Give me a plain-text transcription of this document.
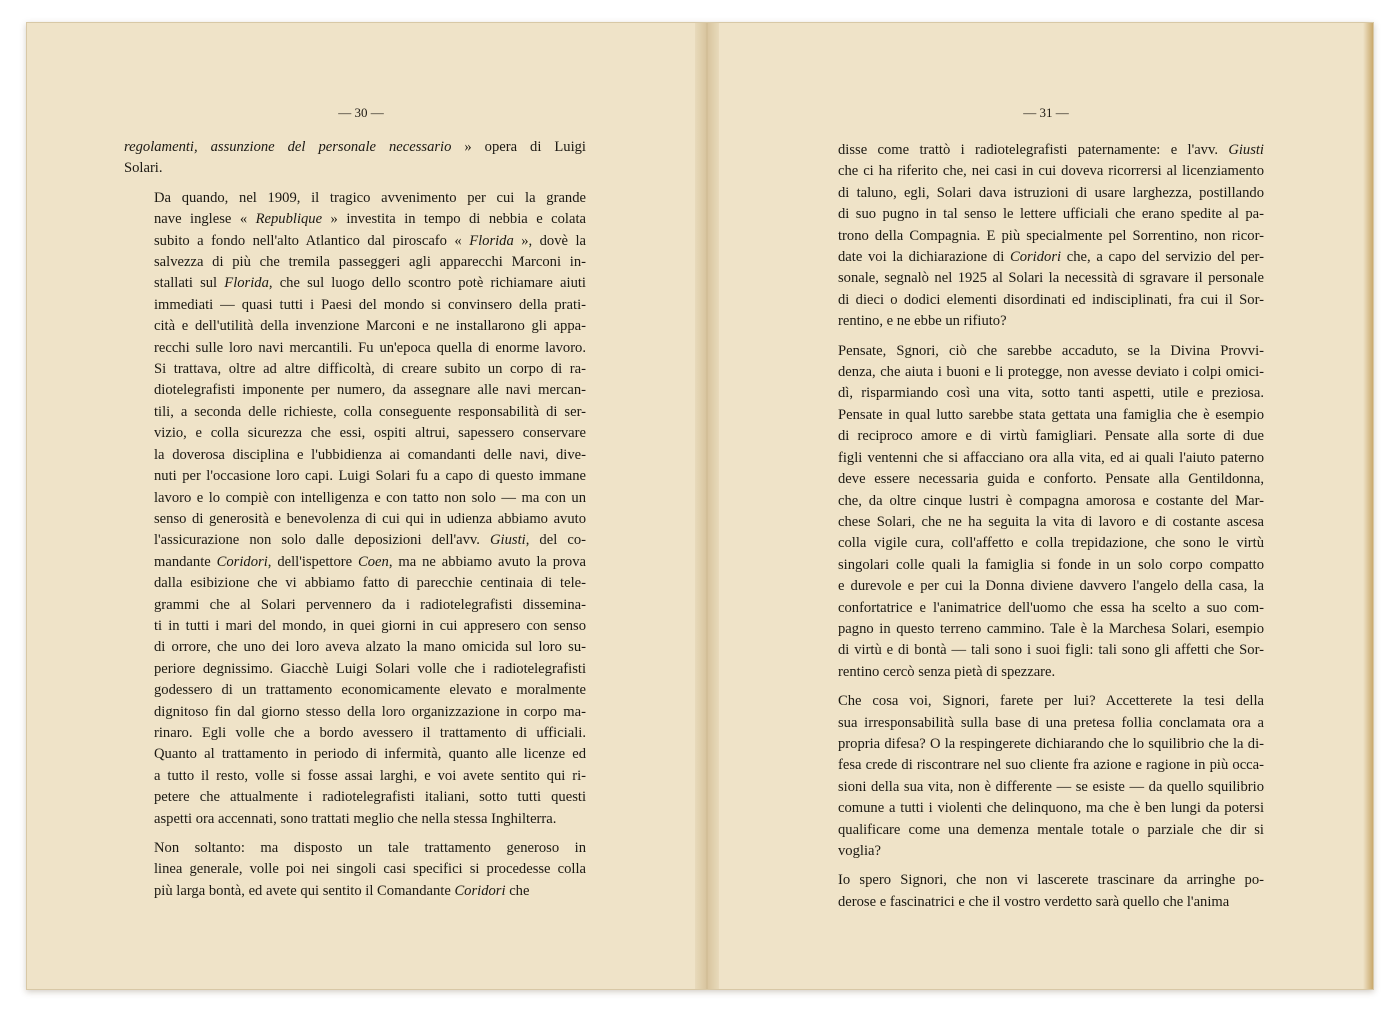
— 30 —
regolamenti, assunzione del personale necessario » opera di Luigi
Solari.
Da quando, nel 1909, il tragico avvenimento per cui la grande
nave inglese « Republique » investita in tempo di nebbia e colata
subito a fondo nell'alto Atlantico dal piroscafo « Florida », dovè la
salvezza di più che tremila passeggeri agli apparecchi Marconi in-
stallati sul Florida, che sul luogo dello scontro potè richiamare aiuti
immediati — quasi tutti i Paesi del mondo si convinsero della prati-
cità e dell'utilità della invenzione Marconi e ne installarono gli appa-
recchi sulle loro navi mercantili. Fu un'epoca quella di enorme lavoro.
Si trattava, oltre ad altre difficoltà, di creare subito un corpo di ra-
diotelegrafisti imponente per numero, da assegnare alle navi mercan-
tili, a seconda delle richieste, colla conseguente responsabilità di ser-
vizio, e colla sicurezza che essi, ospiti altrui, sapessero conservare
la doverosa disciplina e l'ubbidienza ai comandanti delle navi, dive-
nuti per l'occasione loro capi. Luigi Solari fu a capo di questo immane
lavoro e lo compiè con intelligenza e con tatto non solo — ma con un
senso di generosità e benevolenza di cui qui in udienza abbiamo avuto
l'assicurazione non solo dalle deposizioni dell'avv. Giusti, del co-
mandante Coridori, dell'ispettore Coen, ma ne abbiamo avuto la prova
dalla esibizione che vi abbiamo fatto di parecchie centinaia di tele-
grammi che al Solari pervennero da i radiotelegrafisti dissemina-
ti in tutti i mari del mondo, in quei giorni in cui appresero con senso
di orrore, che uno dei loro aveva alzato la mano omicida sul loro su-
periore degnissimo. Giacchè Luigi Solari volle che i radiotelegrafisti
godessero di un trattamento economicamente elevato e moralmente
dignitoso fin dal giorno stesso della loro organizzazione in corpo ma-
rinaro. Egli volle che a bordo avessero il trattamento di ufficiali.
Quanto al trattamento in periodo di infermità, quanto alle licenze ed
a tutto il resto, volle si fosse assai larghi, e voi avete sentito qui ri-
petere che attualmente i radiotelegrafisti italiani, sotto tutti questi
aspetti ora accennati, sono trattati meglio che nella stessa Inghilterra.
Non soltanto: ma disposto un tale trattamento generoso in
linea generale, volle poi nei singoli casi specifici si procedesse colla
più larga bontà, ed avete qui sentito il Comandante Coridori che
— 31 —
disse come trattò i radiotelegrafisti paternamente: e l'avv. Giusti
che ci ha riferito che, nei casi in cui doveva ricorrersi al licenziamento
di taluno, egli, Solari dava istruzioni di usare larghezza, postillando
di suo pugno in tal senso le lettere ufficiali che erano spedite al pa-
trono della Compagnia. E più specialmente pel Sorrentino, non ricor-
date voi la dichiarazione di Coridori che, a capo del servizio del per-
sonale, segnalò nel 1925 al Solari la necessità di sgravare il personale
di dieci o dodici elementi disordinati ed indisciplinati, fra cui il Sor-
rentino, e ne ebbe un rifiuto?
Pensate, Sgnori, ciò che sarebbe accaduto, se la Divina Provvi-
denza, che aiuta i buoni e li protegge, non avesse deviato i colpi omici-
dì, risparmiando così una vita, sotto tanti aspetti, utile e preziosa.
Pensate in qual lutto sarebbe stata gettata una famiglia che è esempio
di reciproco amore e di virtù famigliari. Pensate alla sorte di due
figli ventenni che si affacciano ora alla vita, ed ai quali l'aiuto paterno
deve essere necessaria guida e conforto. Pensate alla Gentildonna,
che, da oltre cinque lustri è compagna amorosa e costante del Mar-
chese Solari, che ne ha seguita la vita di lavoro e di costante ascesa
colla vigile cura, coll'affetto e colla trepidazione, che sono le virtù
singolari colle quali la famiglia si fonde in un solo corpo compatto
e durevole e per cui la Donna diviene davvero l'angelo della casa, la
confortatrice e l'animatrice dell'uomo che essa ha scelto a suo com-
pagno in questo terreno cammino. Tale è la Marchesa Solari, esempio
di virtù e di bontà — tali sono i suoi figli: tali sono gli affetti che Sor-
rentino cercò senza pietà di spezzare.
Che cosa voi, Signori, farete per lui? Accetterete la tesi della
sua irresponsabilità sulla base di una pretesa follia conclamata ora a
propria difesa? O la respingerete dichiarando che lo squilibrio che la di-
fesa crede di riscontrare nel suo cliente fra azione e ragione in più occa-
sioni della sua vita, non è differente — se esiste — da quello squilibrio
comune a tutti i violenti che delinquono, ma che è ben lungi da potersi
qualificare come una demenza mentale totale o parziale che dir si
voglia?
Io spero Signori, che non vi lascerete trascinare da arringhe po-
derose e fascinatrici e che il vostro verdetto sarà quello che l'anima
